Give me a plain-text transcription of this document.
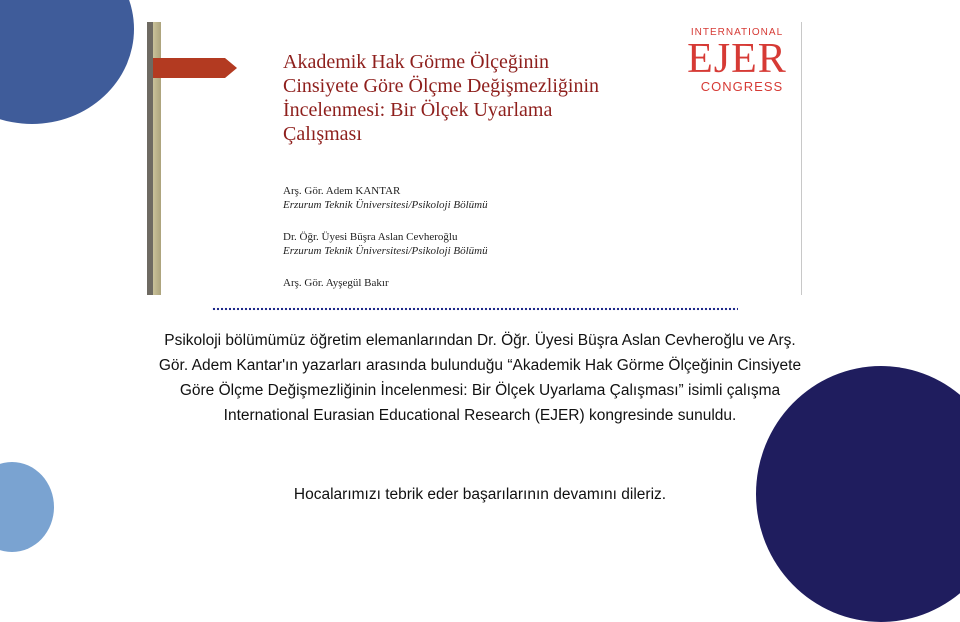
Akademik Hak Görme Ölçeğinin Cinsiyete Göre Ölçme Değişmezliğinin İncelenmesi: Bir Ölçek Uyarlama Çalışması
Arş. Gör. Adem KANTAR
Erzurum Teknik Üniversitesi/Psikoloji Bölümü
Dr. Öğr. Üyesi Büşra Aslan Cevheroğlu
Erzurum Teknik Üniversitesi/Psikoloji Bölümü
Arş. Gör. Ayşegül Bakır
INTERNATIONAL
EJER
CONGRESS

Psikoloji bölümümüz öğretim elemanlarından Dr. Öğr. Üyesi Büşra Aslan Cevheroğlu ve Arş. Gör. Adem Kantar'ın yazarları arasında bulunduğu “Akademik Hak Görme Ölçeğinin Cinsiyete Göre Ölçme Değişmezliğinin İncelenmesi: Bir Ölçek Uyarlama Çalışması” isimli çalışma International Eurasian Educational Research (EJER) kongresinde sunuldu.

Hocalarımızı tebrik eder başarılarının devamını dileriz.
